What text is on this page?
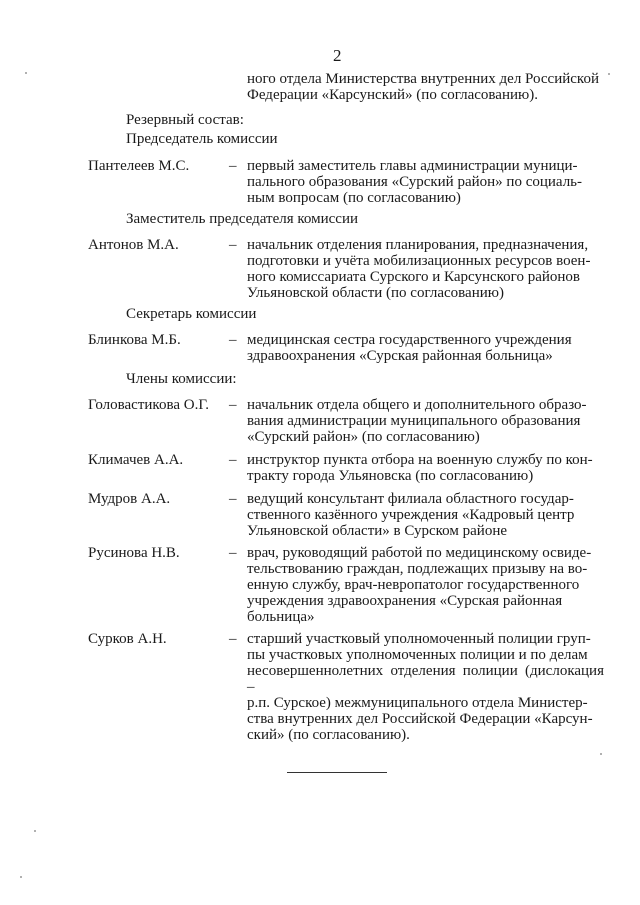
2
ного отдела Министерства внутренних дел Российской
Федерации «Карсунский» (по согласованию).
Резервный состав:
Председатель комиссии
Пантелеев М.С.	– первый заместитель главы администрации муници-
пального образования «Сурский район» по социаль-
ным вопросам (по согласованию)
Заместитель председателя комиссии
Антонов М.А.	– начальник отделения планирования, предназначения,
подготовки и учёта мобилизационных ресурсов воен-
ного комиссариата Сурского и Карсунского районов
Ульяновской области (по согласованию)
Секретарь комиссии
Блинкова М.Б.	– медицинская сестра государственного учреждения
здравоохранения «Сурская районная больница»
Члены комиссии:
Головастикова О.Г. – начальник отдела общего и дополнительного образо-
вания администрации муниципального образования
«Сурский район» (по согласованию)
Климачев А.А.	– инструктор пункта отбора на военную службу по кон-
тракту города Ульяновска (по согласованию)
Мудров А.А.	– ведущий консультант филиала областного государ-
ственного казённого учреждения «Кадровый центр
Ульяновской области» в Сурском районе
Русинова Н.В.	– врач, руководящий работой по медицинскому освиде-
тельствованию граждан, подлежащих призыву на во-
енную службу, врач-невропатолог государственного
учреждения здравоохранения «Сурская районная
больница»
Сурков А.Н.	– старший участковый уполномоченный полиции груп-
пы участковых уполномоченных полиции и по делам
несовершеннолетних отделения полиции (дислокация –
р.п. Сурское) межмуниципального отдела Министер-
ства внутренних дел Российской Федерации «Карсун-
ский» (по согласованию).
